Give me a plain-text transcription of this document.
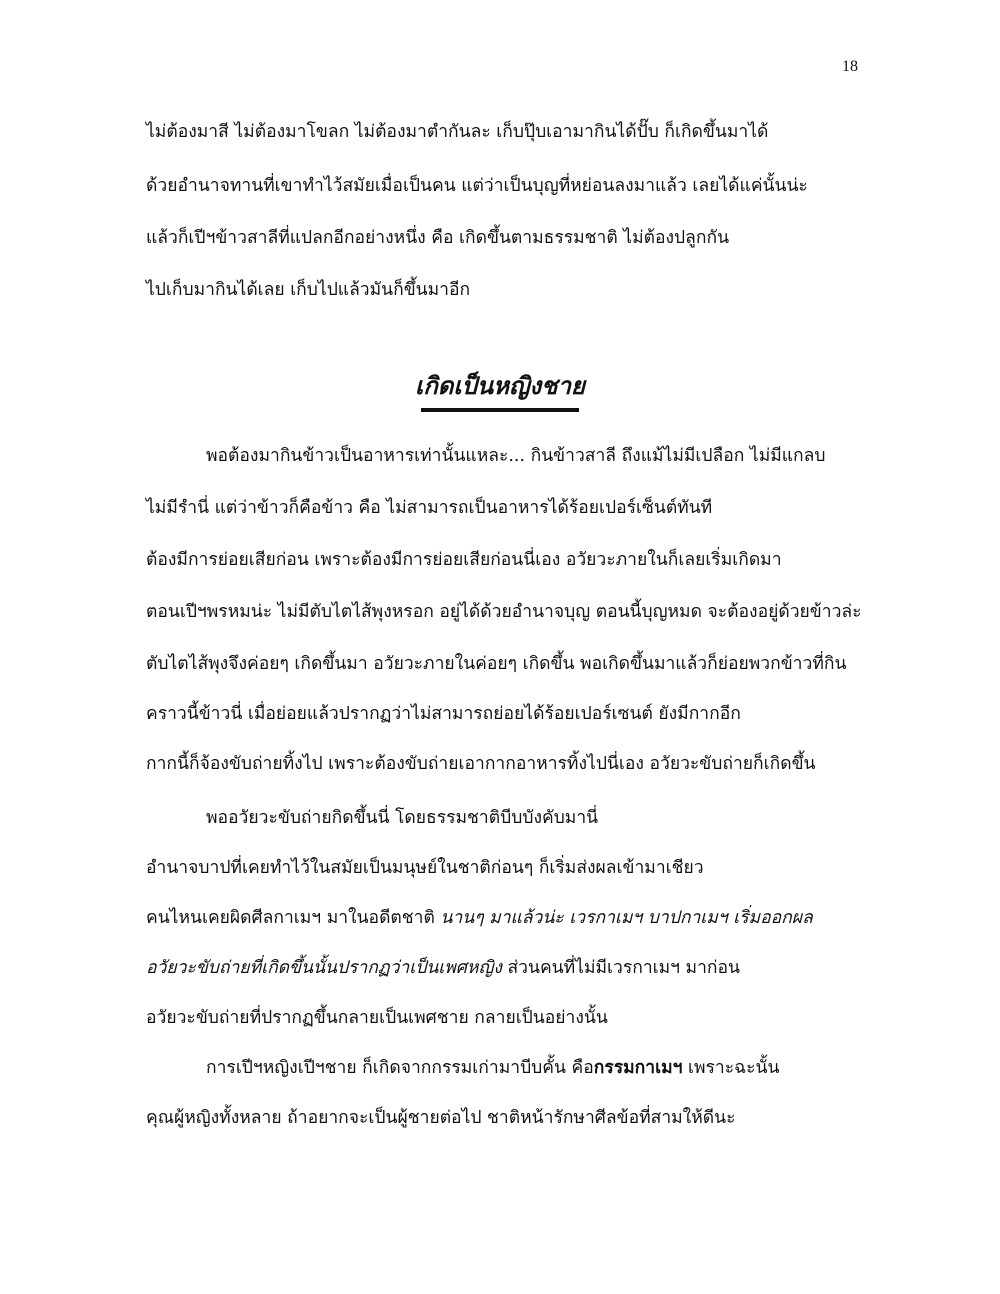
18
ไม่ต้องมาสี ไม่ต้องมาโขลก ไม่ต้องมาตำกันละ เก็บปุ๊บเอามากินได้ปั๊บ ก็เกิดขึ้นมาได้
ด้วยอำนาจทานที่เขาทำไว้สมัยเมื่อเป็นคน แต่ว่าเป็นบุญที่หย่อนลงมาแล้ว เลยได้แค่นั้นน่ะ
แล้วก็เปีฯข้าวสาลีที่แปลกอีกอย่างหนึ่ง คือ เกิดขึ้นตามธรรมชาติ ไม่ต้องปลูกกัน
ไปเก็บมากินได้เลย เก็บไปแล้วมันก็ขึ้นมาอีก
เกิดเป็นหญิงชาย
พอต้องมากินข้าวเป็นอาหารเท่านั้นแหละ... กินข้าวสาลี ถึงแม้ไม่มีเปลือก ไม่มีแกลบ
ไม่มีรำนี่ แต่ว่าข้าวก็คือข้าว คือ ไม่สามารถเป็นอาหารได้ร้อยเปอร์เซ็นต์ทันที
ต้องมีการย่อยเสียก่อน เพราะต้องมีการย่อยเสียก่อนนี่เอง อวัยวะภายในก็เลยเริ่มเกิดมา
ตอนเปีฯพรหมน่ะ ไม่มีตับไตไส้พุงหรอก อยู่ได้ด้วยอำนาจบุญ ตอนนี้บุญหมด จะต้องอยู่ด้วยข้าวล่ะ
ตับไตไส้พุงจึงค่อยๆ เกิดขึ้นมา อวัยวะภายในค่อยๆ เกิดขึ้น พอเกิดขึ้นมาแล้วก็ย่อยพวกข้าวที่กิน
คราวนี้ข้าวนี่ เมื่อย่อยแล้วปรากฏว่าไม่สามารถย่อยได้ร้อยเปอร์เซนต์ ยังมีกากอีก
กากนี้ก็จ้องขับถ่ายทิ้งไป เพราะต้องขับถ่ายเอากากอาหารทิ้งไปนี่เอง อวัยวะขับถ่ายก็เกิดขึ้น
พออวัยวะขับถ่ายกิดขึ้นนี่ โดยธรรมชาติบีบบังคับมานี่
อำนาจบาปที่เคยทำไว้ในสมัยเป็นมนุษย์ในชาติก่อนๆ ก็เริ่มส่งผลเข้ามาเชียว
คนไหนเคยผิดศีลกาเมฯ มาในอดีตชาติ นานๆ มาแล้วน่ะ เวรกาเมฯ บาปกาเมฯ เริ่มออกผล
อวัยวะขับถ่ายที่เกิดขึ้นนั้นปรากฏว่าเป็นเพศหญิง ส่วนคนที่ไม่มีเวรกาเมฯ มาก่อน
อวัยวะขับถ่ายที่ปรากฏขึ้นกลายเป็นเพศชาย กลายเป็นอย่างนั้น
การเปีฯหญิงเปีฯชาย ก็เกิดจากกรรมเก่ามาบีบคั้น คือกรรมกาเมฯ เพราะฉะนั้น
คุณผู้หญิงทั้งหลาย ถ้าอยากจะเป็นผู้ชายต่อไป ชาติหน้ารักษาศีลข้อที่สามให้ดีนะ
